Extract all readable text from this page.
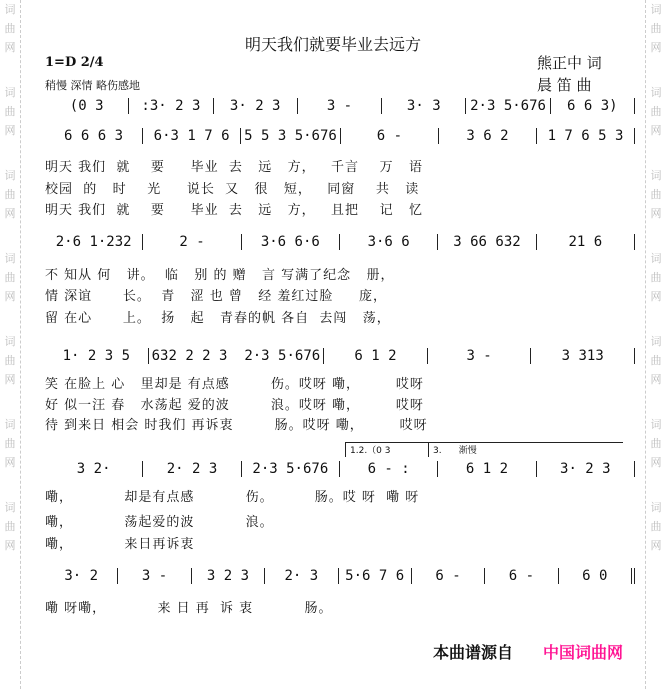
词
曲
网
词
曲
网
词
曲
网
词
曲
网
词
曲
网
词
曲
网
词
曲
网
词
曲
网
词
曲
网
词
曲
网
词
曲
网
词
曲
网
词
曲
网
词
曲
网
明天我们就要毕业去远方
1=D 2/4
稍慢 深情 略伤感地
熊正中 词
晨 笛 曲
(0 3	:3· 2 3	3· 2 3	3 -	3· 3	2·3 5·676	6 6 3)
6 6 6 3	6·3 1 7 6	5 5 3 5·676	6 -	3 6 2	1 7 6 5 3
明天 我们  就    要     毕业  去   远   方，   千言    万   语
校园  的   时    光     说长  又   很   短，   同窗    共   读
明天 我们  就    要     毕业  去   远   方，   且把    记   忆
2·6 1·232	2 -	3·6 6·6	3·6 6	3 66 632	21 6
不 知从 何   讲。  临   别 的 赠   言 写满了纪念   册，
情 深谊      长。  青   涩 也 曾   经 羞红过脸     庞，
留 在心      上。  扬   起   青春的帆 各自  去闯   荡，
1· 2 3 5	632 2 2 3  2·3 5·676	6 1 2	3 -	3 313
笑 在脸上 心   里却是 有点感        伤。哎呀 嘞，       哎呀
好 似一汪 春   水荡起 爱的波        浪。哎呀 嘞，       哎呀
待 到来日 相会 时我们 再诉衷        肠。哎呀 嘞，       哎呀
1.2.（0 3	3.      渐慢
3 2·	2· 2 3	2·3 5·676	6 - :	6 1 2	3· 2 3
嘞，          却是有点感          伤。        肠。哎 呀  嘞 呀
嘞，          荡起爱的波          浪。
嘞，          来日再诉衷
3· 2	3 -	3 2 3	2· 3	5·6 7 6	6 -	6 -	6 0
嘞 呀嘞，          来 日 再  诉 衷          肠。
本曲谱源自 中国词曲网
